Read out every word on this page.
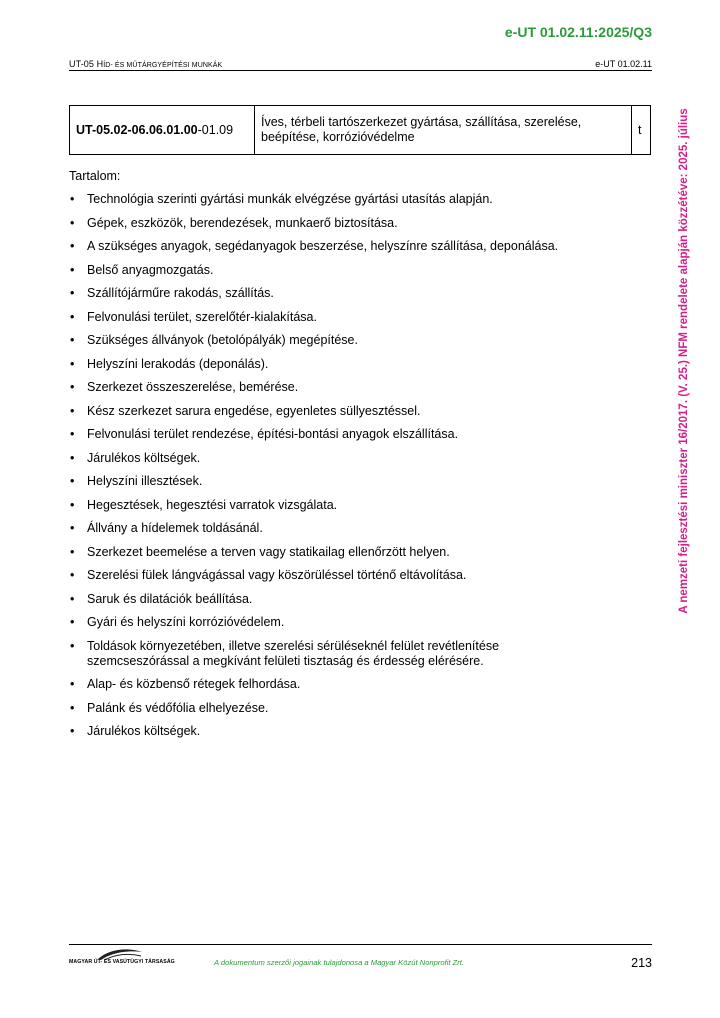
e-UT 01.02.11:2025/Q3
UT-05 HÍD- ÉS MŰTÁRGYÉPÍTÉSI MUNKÁK	e-UT 01.02.11
UT-05.02-06.06.01.00-01.09	Íves, térbeli tartószerkezet gyártása, szállítása, szerelése,
beépítése, korrózióvédelme	t	A nemzeti fejlesztési miniszter 16/2017. (V. 25.) NFM rendelete alapján közzétéve: 2025. július
Tartalom:
• Technológia szerinti gyártási munkák elvégzése gyártási utasítás alapján.
• Gépek, eszközök, berendezések, munkaerő biztosítása.
• A szükséges anyagok, segédanyagok beszerzése, helyszínre szállítása, deponálása.
• Belső anyagmozgatás.
• Szállítójárműre rakodás, szállítás.
• Felvonulási terület, szerelőtér-kialakítása.
• Szükséges állványok (betolópályák) megépítése.
• Helyszíni lerakodás (deponálás).
• Szerkezet összeszerelése, bemérése.
• Kész szerkezet sarura engedése, egyenletes süllyesztéssel.
• Felvonulási terület rendezése, építési-bontási anyagok elszállítása.
• Járulékos költségek.
• Helyszíni illesztések.
• Hegesztések, hegesztési varratok vizsgálata.
• Állvány a hídelemek toldásánál.
• Szerkezet beemelése a terven vagy statikailag ellenőrzött helyen.
• Szerelési fülek lángvágással vagy köszörüléssel történő eltávolítása.
• Saruk és dilatációk beállítása.
• Gyári és helyszíni korrózióvédelem.
• Toldások környezetében, illetve szerelési sérüléseknél felület revétlenítése szemcseszórással a megkívánt felületi tisztaság és érdesség elérésére.
• Alap- és közbenső rétegek felhordása.
• Palánk és védőfólia elhelyezése.
• Járulékos költségek.
MAGYAR ÚT- ÉS VASÚTÜGYI TÁRSASÁG	A dokumentum szerzői jogainak tulajdonosa a Magyar Közút Nonprofit Zrt.	213
